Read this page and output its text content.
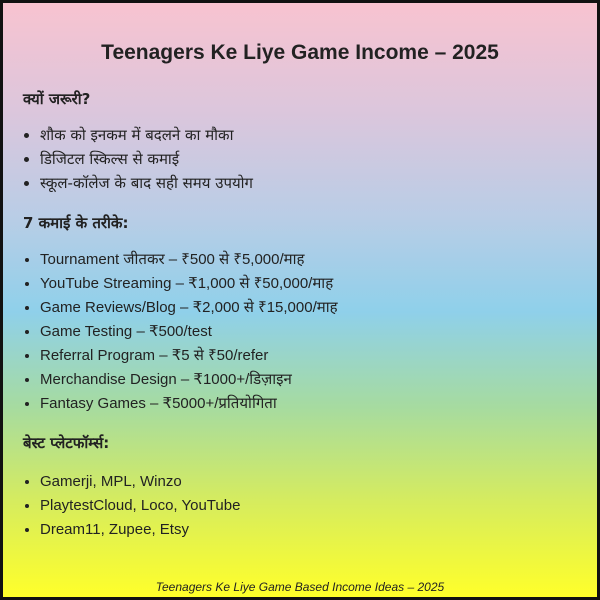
Teenagers Ke Liye Game Income – 2025
क्यों जरूरी?
• शौक को इनकम में बदलने का मौका
• डिजिटल स्किल्स से कमाई
• स्कूल-कॉलेज के बाद सही समय उपयोग
7 कमाई के तरीके:
• Tournament जीतकर – ₹500 से ₹5,000/माह
• YouTube Streaming – ₹1,000 से ₹50,000/माह
• Game Reviews/Blog – ₹2,000 से ₹15,000/माह
• Game Testing – ₹500/test
• Referral Program – ₹5 से ₹50/refer
• Merchandise Design – ₹1000+/डिज़ाइन
• Fantasy Games – ₹5000+/प्रतियोगिता
बेस्ट प्लेटफॉर्म्स:
• Gamerji, MPL, Winzo
• PlaytestCloud, Loco, YouTube
• Dream11, Zupee, Etsy
Teenagers Ke Liye Game Based Income Ideas – 2025
